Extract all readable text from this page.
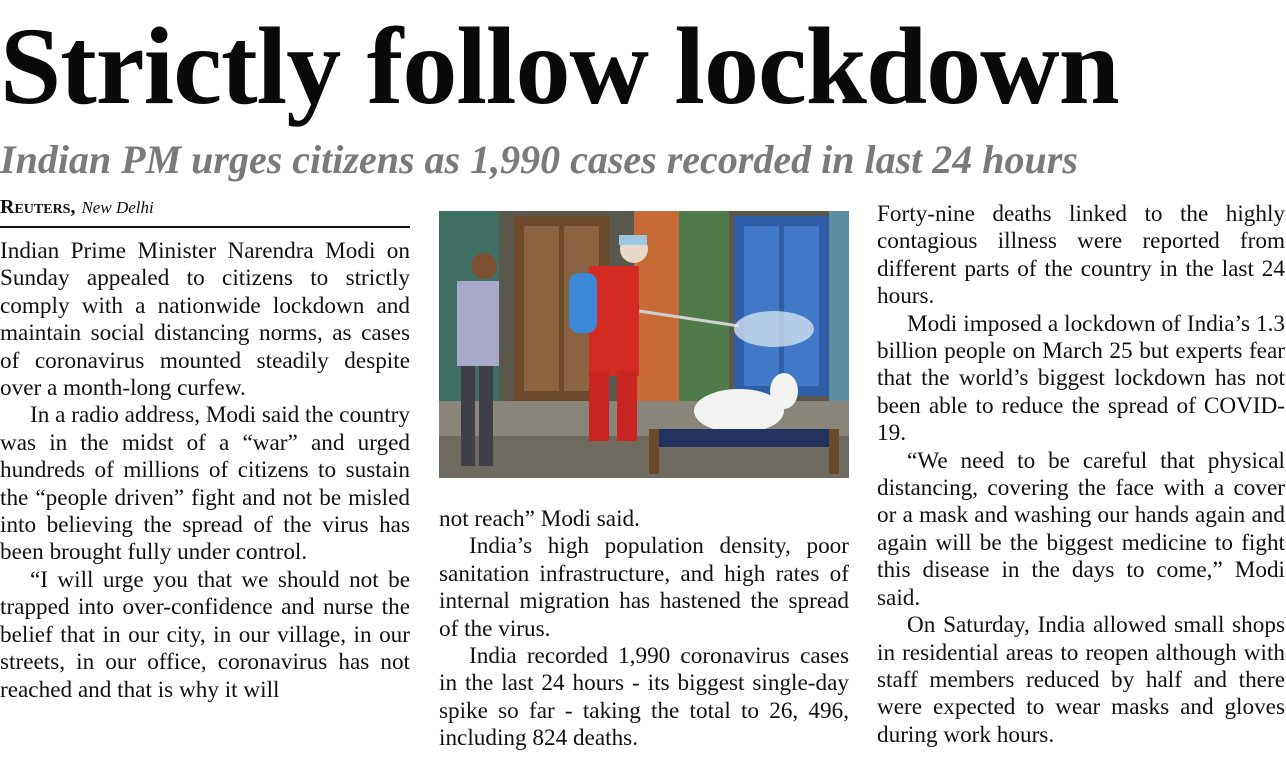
Strictly follow lockdown
Indian PM urges citizens as 1,990 cases recorded in last 24 hours
Reuters, New Delhi

Indian Prime Minister Narendra Modi on Sunday appealed to citizens to strictly comply with a nationwide lockdown and maintain social distancing norms, as cases of coronavirus mounted steadily despite over a month-long curfew.

In a radio address, Modi said the country was in the midst of a “war” and urged hundreds of millions of citizens to sustain the “people driven” fight and not be misled into believing the spread of the virus has been brought fully under control.

“I will urge you that we should not be trapped into over-confidence and nurse the belief that in our city, in our village, in our streets, in our office, coronavirus has not reached and that is why it will

not reach” Modi said.

India’s high population density, poor sanitation infrastructure, and high rates of internal migration has hastened the spread of the virus.

India recorded 1,990 coronavirus cases in the last 24 hours - its biggest single-day spike so far - taking the total to 26, 496, including 824 deaths.

Forty-nine deaths linked to the highly contagious illness were reported from different parts of the country in the last 24 hours.

Modi imposed a lockdown of India’s 1.3 billion people on March 25 but experts fear that the world’s biggest lockdown has not been able to reduce the spread of COVID-19.

“We need to be careful that physical distancing, covering the face with a cover or a mask and washing our hands again and again will be the biggest medicine to fight this disease in the days to come,” Modi said.

On Saturday, India allowed small shops in residential areas to reopen although with staff members reduced by half and there were expected to wear masks and gloves during work hours.
